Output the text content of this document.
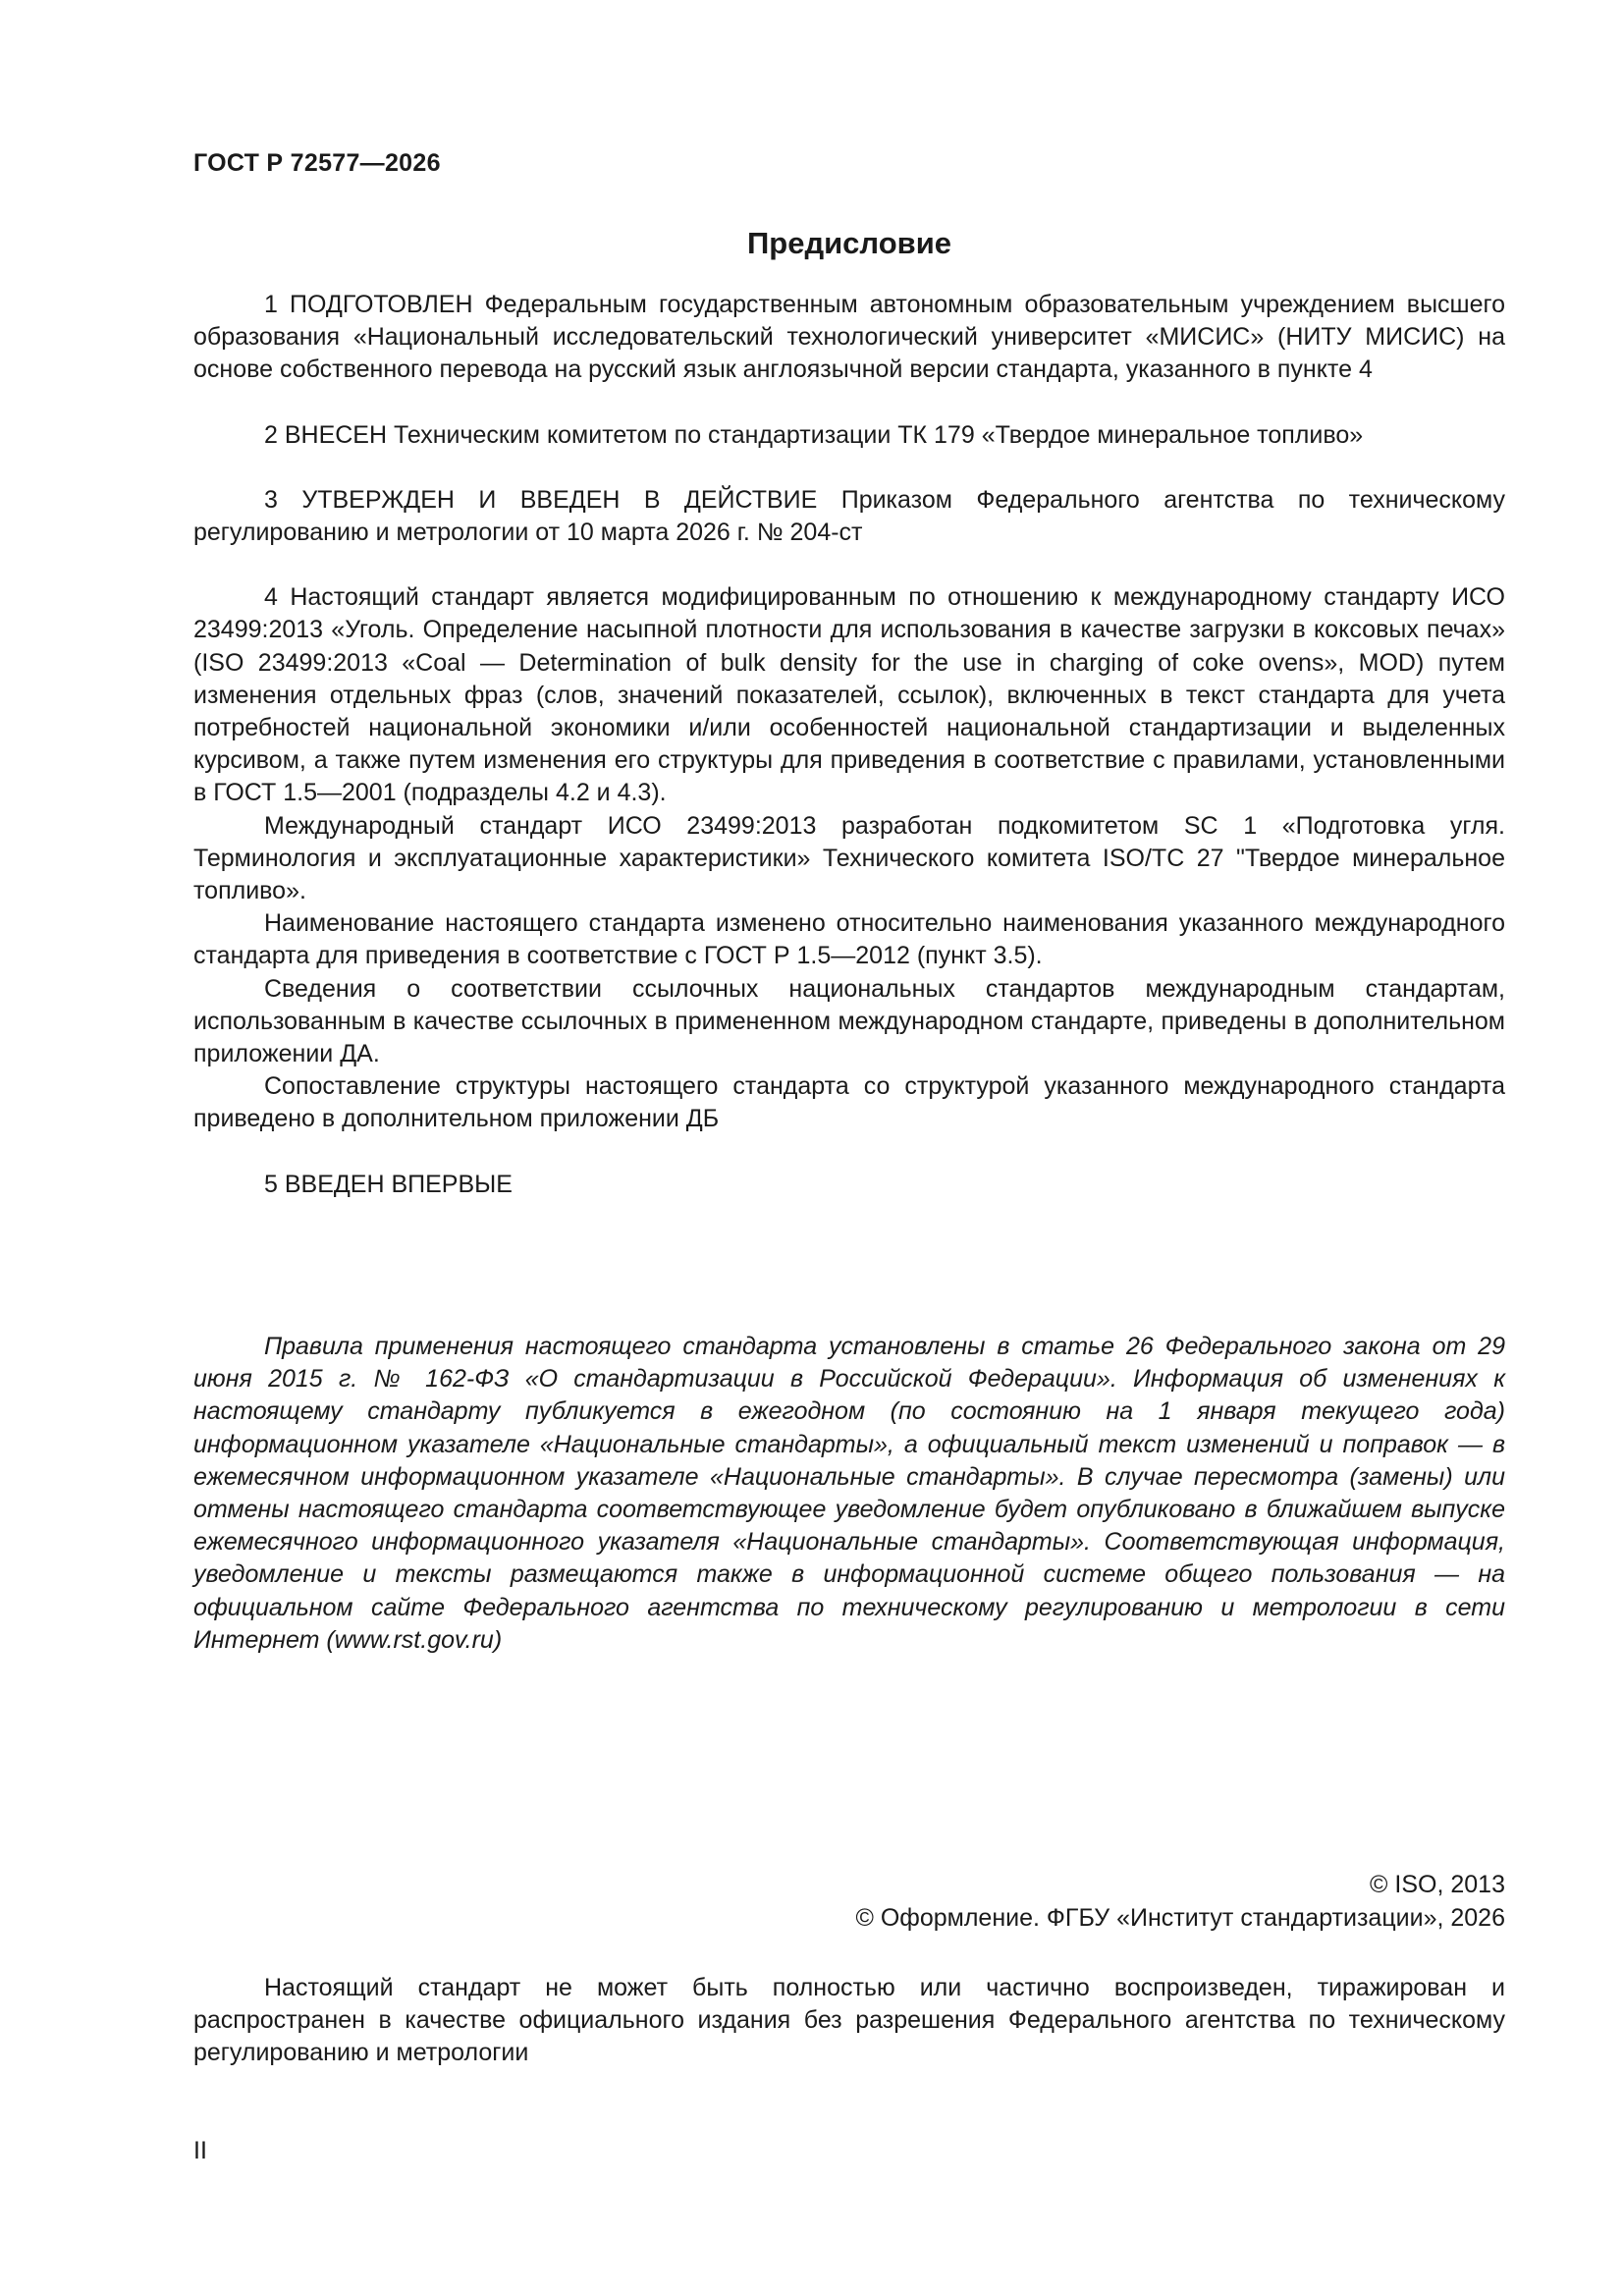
ГОСТ Р 72577—2026
Предисловие

1 ПОДГОТОВЛЕН Федеральным государственным автономным образовательным учреждением высшего образования «Национальный исследовательский технологический университет «МИСИС» (НИТУ МИСИС) на основе собственного перевода на русский язык англоязычной версии стандарта, указанного в пункте 4

2 ВНЕСЕН Техническим комитетом по стандартизации ТК 179 «Твердое минеральное топливо»

3 УТВЕРЖДЕН И ВВЕДЕН В ДЕЙСТВИЕ Приказом Федерального агентства по техническому регулированию и метрологии от 10 марта 2026 г. № 204-ст

4 Настоящий стандарт является модифицированным по отношению к международному стандарту ИСО 23499:2013 «Уголь. Определение насыпной плотности для использования в качестве загрузки в коксовых печах» (ISO 23499:2013 «Coal — Determination of bulk density for the use in charging of coke ovens», MOD) путем изменения отдельных фраз (слов, значений показателей, ссылок), включенных в текст стандарта для учета потребностей национальной экономики и/или особенностей национальной стандартизации и выделенных курсивом, а также путем изменения его структуры для приведения в соответствие с правилами, установленными в ГОСТ 1.5—2001 (подразделы 4.2 и 4.3).

Международный стандарт ИСО 23499:2013 разработан подкомитетом SC 1 «Подготовка угля. Терминология и эксплуатационные характеристики» Технического комитета ISO/TC 27 "Твердое минеральное топливо».

Наименование настоящего стандарта изменено относительно наименования указанного международного стандарта для приведения в соответствие с ГОСТ Р 1.5—2012 (пункт 3.5).

Сведения о соответствии ссылочных национальных стандартов международным стандартам, использованным в качестве ссылочных в примененном международном стандарте, приведены в дополнительном приложении ДА.

Сопоставление структуры настоящего стандарта со структурой указанного международного стандарта приведено в дополнительном приложении ДБ

5 ВВЕДЕН ВПЕРВЫЕ

Правила применения настоящего стандарта установлены в статье 26 Федерального закона от 29 июня 2015 г. № 162-ФЗ «О стандартизации в Российской Федерации». Информация об изменениях к настоящему стандарту публикуется в ежегодном (по состоянию на 1 января текущего года) информационном указателе «Национальные стандарты», а официальный текст изменений и поправок — в ежемесячном информационном указателе «Национальные стандарты». В случае пересмотра (замены) или отмены настоящего стандарта соответствующее уведомление будет опубликовано в ближайшем выпуске ежемесячного информационного указателя «Национальные стандарты». Соответствующая информация, уведомление и тексты размещаются также в информационной системе общего пользования — на официальном сайте Федерального агентства по техническому регулированию и метрологии в сети Интернет (www.rst.gov.ru)

© ISO, 2013
© Оформление. ФГБУ «Институт стандартизации», 2026

Настоящий стандарт не может быть полностью или частично воспроизведен, тиражирован и распространен в качестве официального издания без разрешения Федерального агентства по техническому регулированию и метрологии

II
